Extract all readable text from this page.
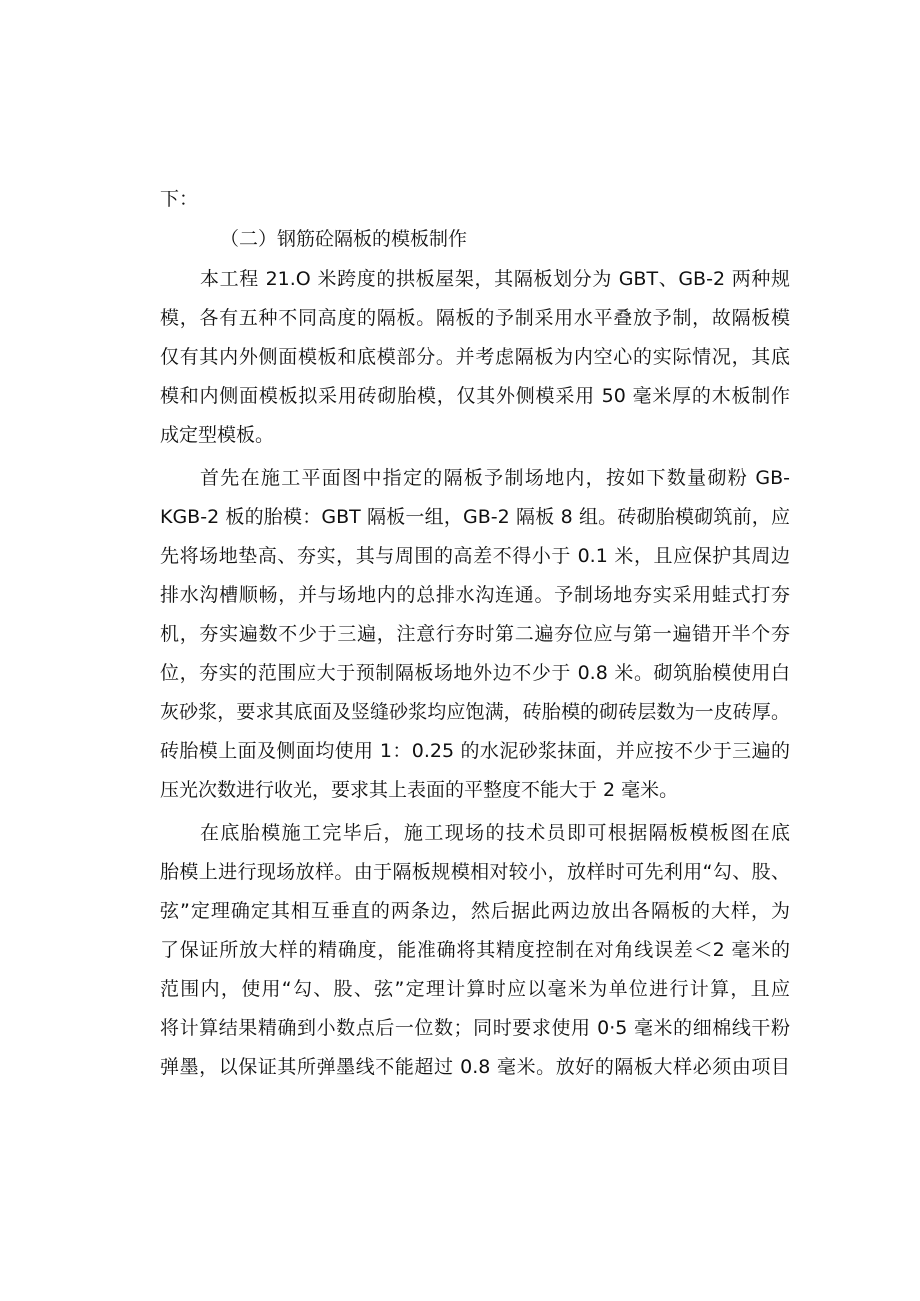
下：
（二）钢筋砼隔板的模板制作
本工程 21.O 米跨度的拱板屋架，其隔板划分为 GBT、GB-2 两种规
模，各有五种不同高度的隔板。隔板的予制采用水平叠放予制，故隔板模
仅有其内外侧面模板和底模部分。并考虑隔板为内空心的实际情况，其底
模和内侧面模板拟采用砖砌胎模，仅其外侧模采用 50 毫米厚的木板制作
成定型模板。
首先在施工平面图中指定的隔板予制场地内，按如下数量砌粉 GB-
KGB-2 板的胎模：GBT 隔板一组，GB-2 隔板 8 组。砖砌胎模砌筑前，应
先将场地垫高、夯实，其与周围的高差不得小于 0.1 米，且应保护其周边
排水沟槽顺畅，并与场地内的总排水沟连通。予制场地夯实采用蛙式打夯
机，夯实遍数不少于三遍，注意行夯时第二遍夯位应与第一遍错开半个夯
位，夯实的范围应大于预制隔板场地外边不少于 0.8 米。砌筑胎模使用白
灰砂浆，要求其底面及竖缝砂浆均应饱满，砖胎模的砌砖层数为一皮砖厚。
砖胎模上面及侧面均使用 1：0.25 的水泥砂浆抹面，并应按不少于三遍的
压光次数进行收光，要求其上表面的平整度不能大于 2 毫米。
在底胎模施工完毕后，施工现场的技术员即可根据隔板模板图在底
胎模上进行现场放样。由于隔板规模相对较小，放样时可先利用“勾、股、
弦”定理确定其相互垂直的两条边，然后据此两边放出各隔板的大样，为
了保证所放大样的精确度，能准确将其精度控制在对角线误差＜2 毫米的
范围内，使用“勾、股、弦”定理计算时应以毫米为单位进行计算，且应
将计算结果精确到小数点后一位数；同时要求使用 0·5 毫米的细棉线干粉
弹墨，以保证其所弹墨线不能超过 0.8 毫米。放好的隔板大样必须由项目
